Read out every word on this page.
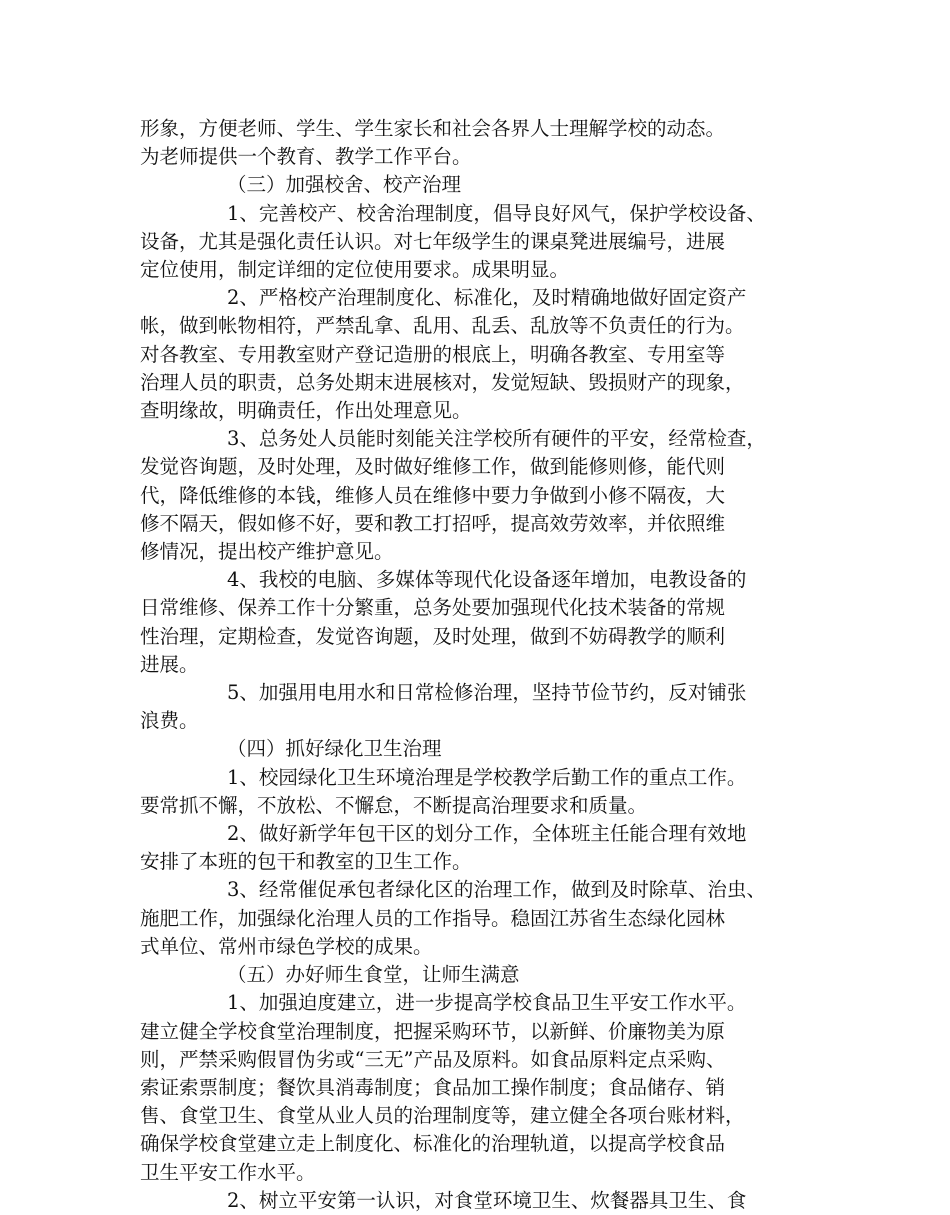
形象，方便老师、学生、学生家长和社会各界人士理解学校的动态。
为老师提供一个教育、教学工作平台。
（三）加强校舍、校产治理
1、完善校产、校舍治理制度，倡导良好风气，保护学校设备、
设备，尤其是强化责任认识。对七年级学生的课桌凳进展编号，进展
定位使用，制定详细的定位使用要求。成果明显。
2、严格校产治理制度化、标准化，及时精确地做好固定资产
帐，做到帐物相符，严禁乱拿、乱用、乱丢、乱放等不负责任的行为。
对各教室、专用教室财产登记造册的根底上，明确各教室、专用室等
治理人员的职责，总务处期末进展核对，发觉短缺、毁损财产的现象，
查明缘故，明确责任，作出处理意见。
3、总务处人员能时刻能关注学校所有硬件的平安，经常检查，
发觉咨询题，及时处理，及时做好维修工作，做到能修则修，能代则
代，降低维修的本钱，维修人员在维修中要力争做到小修不隔夜，大
修不隔天，假如修不好，要和教工打招呼，提高效劳效率，并依照维
修情况，提出校产维护意见。
4、我校的电脑、多媒体等现代化设备逐年增加，电教设备的
日常维修、保养工作十分繁重，总务处要加强现代化技术装备的常规
性治理，定期检查，发觉咨询题，及时处理，做到不妨碍教学的顺利
进展。
5、加强用电用水和日常检修治理，坚持节俭节约，反对铺张
浪费。
（四）抓好绿化卫生治理
1、校园绿化卫生环境治理是学校教学后勤工作的重点工作。
要常抓不懈，不放松、不懈怠，不断提高治理要求和质量。
2、做好新学年包干区的划分工作，全体班主任能合理有效地
安排了本班的包干和教室的卫生工作。
3、经常催促承包者绿化区的治理工作，做到及时除草、治虫、
施肥工作，加强绿化治理人员的工作指导。稳固江苏省生态绿化园林
式单位、常州市绿色学校的成果。
（五）办好师生食堂，让师生满意
1、加强迫度建立，进一步提高学校食品卫生平安工作水平。
建立健全学校食堂治理制度，把握采购环节，以新鲜、价廉物美为原
则，严禁采购假冒伪劣或“三无”产品及原料。如食品原料定点采购、
索证索票制度；餐饮具消毒制度；食品加工操作制度；食品储存、销
售、食堂卫生、食堂从业人员的治理制度等，建立健全各项台账材料，
确保学校食堂建立走上制度化、标准化的治理轨道，以提高学校食品
卫生平安工作水平。
2、树立平安第一认识，对食堂环境卫生、炊餐器具卫生、食
